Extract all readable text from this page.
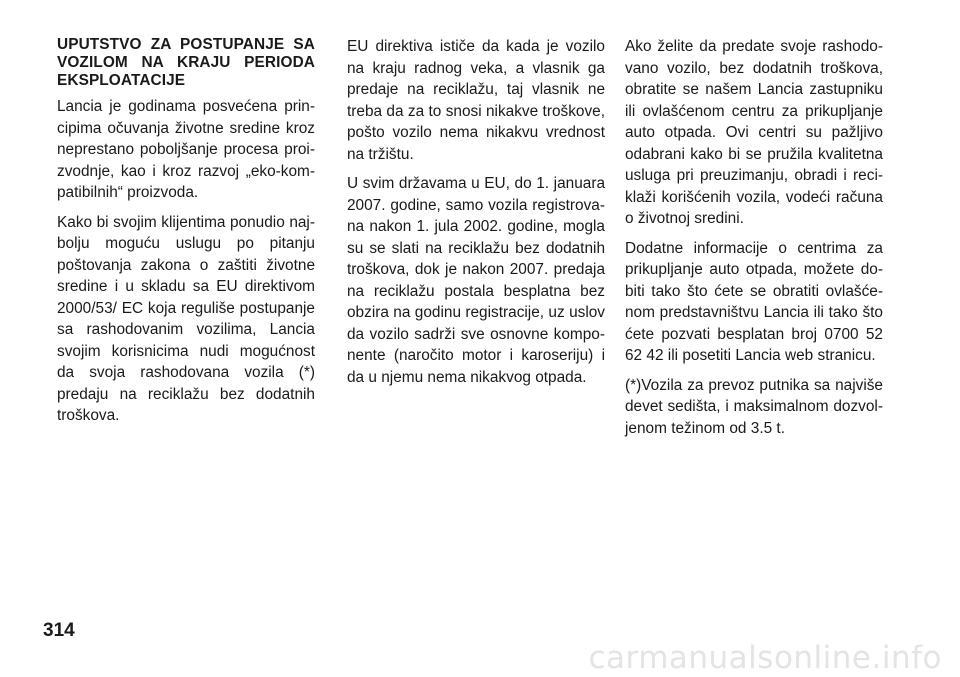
UPUTSTVO ZA POSTUPANJE SA VOZILOM NA KRAJU PERIODA EKSPLOATACIJE

Lancia je godinama posvećena principima očuvanja životne sredine kroz neprestano poboljšanje procesa proizvodnje, kao i kroz razvoj „eko-kompatibilnih“ proizvoda.

Kako bi svojim klijentima ponudio najbolju moguću uslugu po pitanju poštovanja zakona o zaštiti životne sredine i u skladu sa EU direktivom 2000/53/ EC koja reguliše postupanje sa rashodovanim vozilima, Lancia svojim korisnicima nudi mogućnost da svoja rashodovana vozila (*) predaju na reciklažu bez dodatnih troškova.

EU direktiva ističe da kada je vozilo na kraju radnog veka, a vlasnik ga predaje na reciklažu, taj vlasnik ne treba da za to snosi nikakve troškove, pošto vozilo nema nikakvu vrednost na tržištu.

U svim državama u EU, do 1. januara 2007. godine, samo vozila registrovana nakon 1. jula 2002. godine, mogla su se slati na reciklažu bez dodatnih troškova, dok je nakon 2007. predaja na reciklažu postala besplatna bez obzira na godinu registracije, uz uslov da vozilo sadrži sve osnovne komponente (naročito motor i karoseriju) i da u njemu nema nikakvog otpada.

Ako želite da predate svoje rashodovano vozilo, bez dodatnih troškova, obratite se našem Lancia zastupniku ili ovlašćenom centru za prikupljanje auto otpada. Ovi centri su pažljivo odabrani kako bi se pružila kvalitetna usluga pri preuzimanju, obradi i reciklaži korišćenih vozila, vodeći računa o životnoj sredini.

Dodatne informacije o centrima za prikupljanje auto otpada, možete dobiti tako što ćete se obratiti ovlašćenom predstavništvu Lancia ili tako što ćete pozvati besplatan broj 0700 52 62 42 ili posetiti Lancia web stranicu.

(*)Vozila za prevoz putnika sa najviše devet sedišta, i maksimalnom dozvoljenom težinom od 3.5 t.

314
carmanualsonline.info
